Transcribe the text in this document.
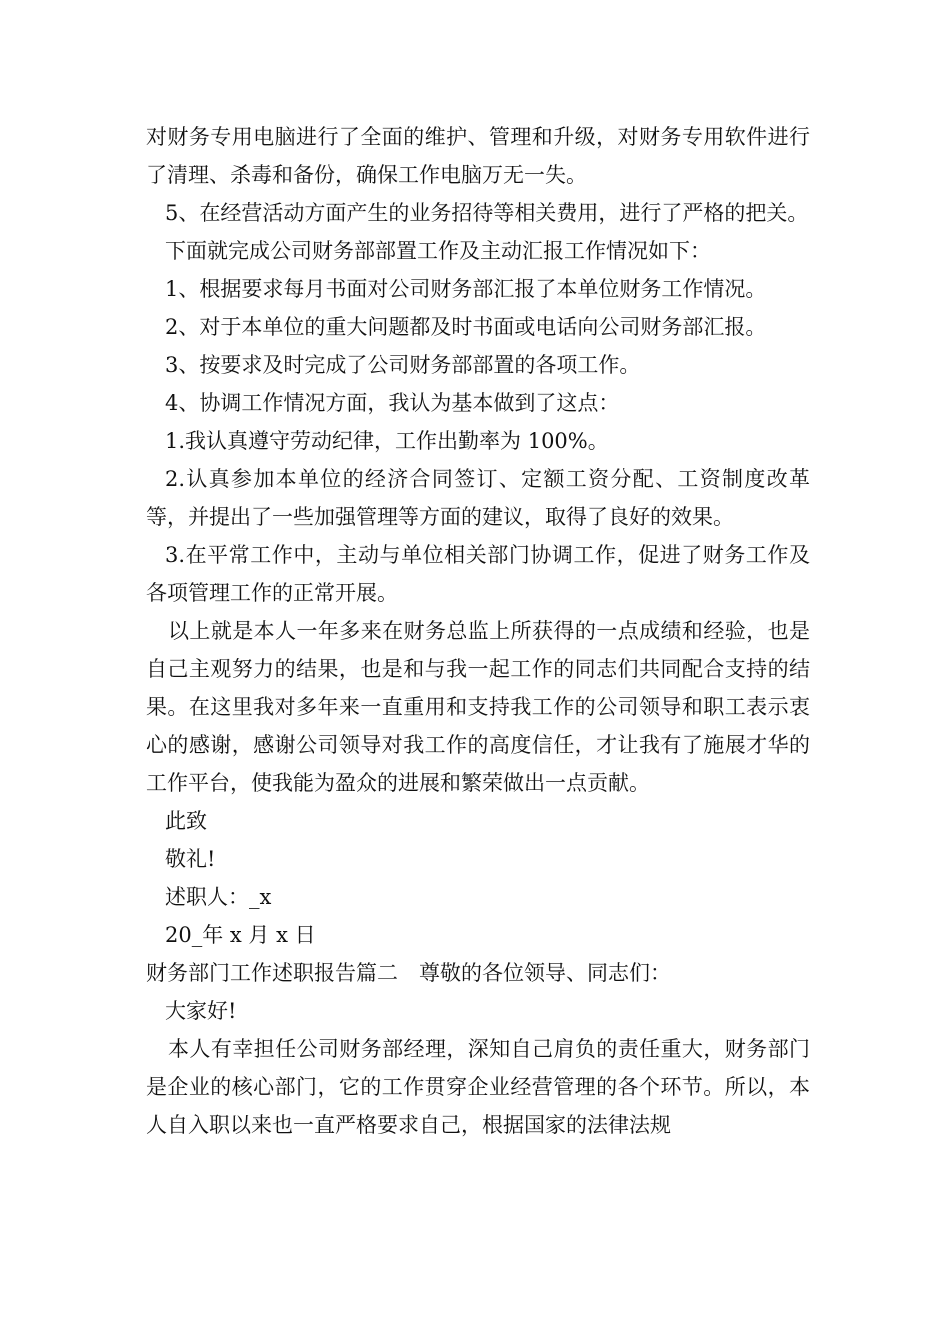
对财务专用电脑进行了全面的维护、管理和升级，对财务专用软件进行了清理、杀毒和备份，确保工作电脑万无一失。

5、在经营活动方面产生的业务招待等相关费用，进行了严格的把关。

下面就完成公司财务部部置工作及主动汇报工作情况如下：

1、根据要求每月书面对公司财务部汇报了本单位财务工作情况。

2、对于本单位的重大问题都及时书面或电话向公司财务部汇报。

3、按要求及时完成了公司财务部部置的各项工作。

4、协调工作情况方面，我认为基本做到了这点：

1.我认真遵守劳动纪律，工作出勤率为 100%。

2.认真参加本单位的经济合同签订、定额工资分配、工资制度改革等，并提出了一些加强管理等方面的建议，取得了良好的效果。

3.在平常工作中，主动与单位相关部门协调工作，促进了财务工作及各项管理工作的正常开展。

以上就是本人一年多来在财务总监上所获得的一点成绩和经验，也是自己主观努力的结果，也是和与我一起工作的同志们共同配合支持的结果。在这里我对多年来一直重用和支持我工作的公司领导和职工表示衷心的感谢，感谢公司领导对我工作的高度信任，才让我有了施展才华的工作平台，使我能为盈众的进展和繁荣做出一点贡献。

此致

敬礼!

述职人：_x

20_年 x 月 x 日

财务部门工作述职报告篇二　尊敬的各位领导、同志们：

大家好!

本人有幸担任公司财务部经理，深知自己肩负的责任重大，财务部门是企业的核心部门，它的工作贯穿企业经营管理的各个环节。所以，本人自入职以来也一直严格要求自己，根据国家的法律法规
